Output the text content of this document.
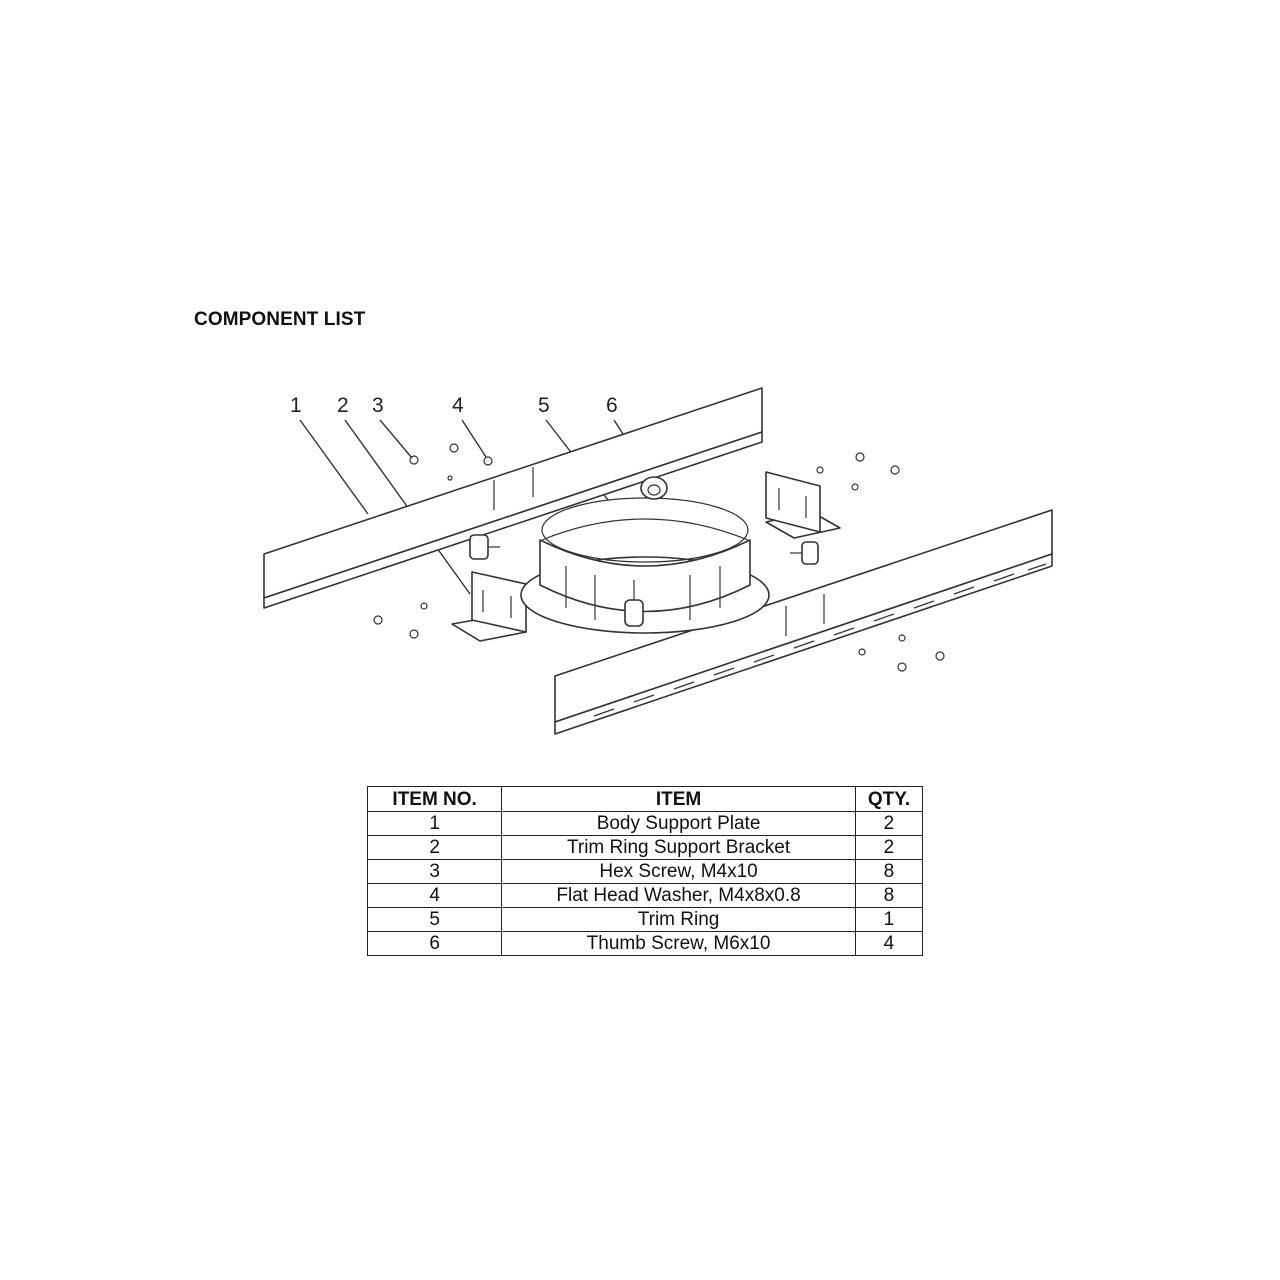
COMPONENT LIST
1 2 3	4	5	6
ITEM NO.	ITEM	QTY.
1	Body Support Plate	2
2	Trim Ring Support Bracket	2
3	Hex Screw, M4x10	8
4	Flat Head Washer, M4x8x0.8	8
5	Trim Ring	1
6	Thumb Screw, M6x10	4
